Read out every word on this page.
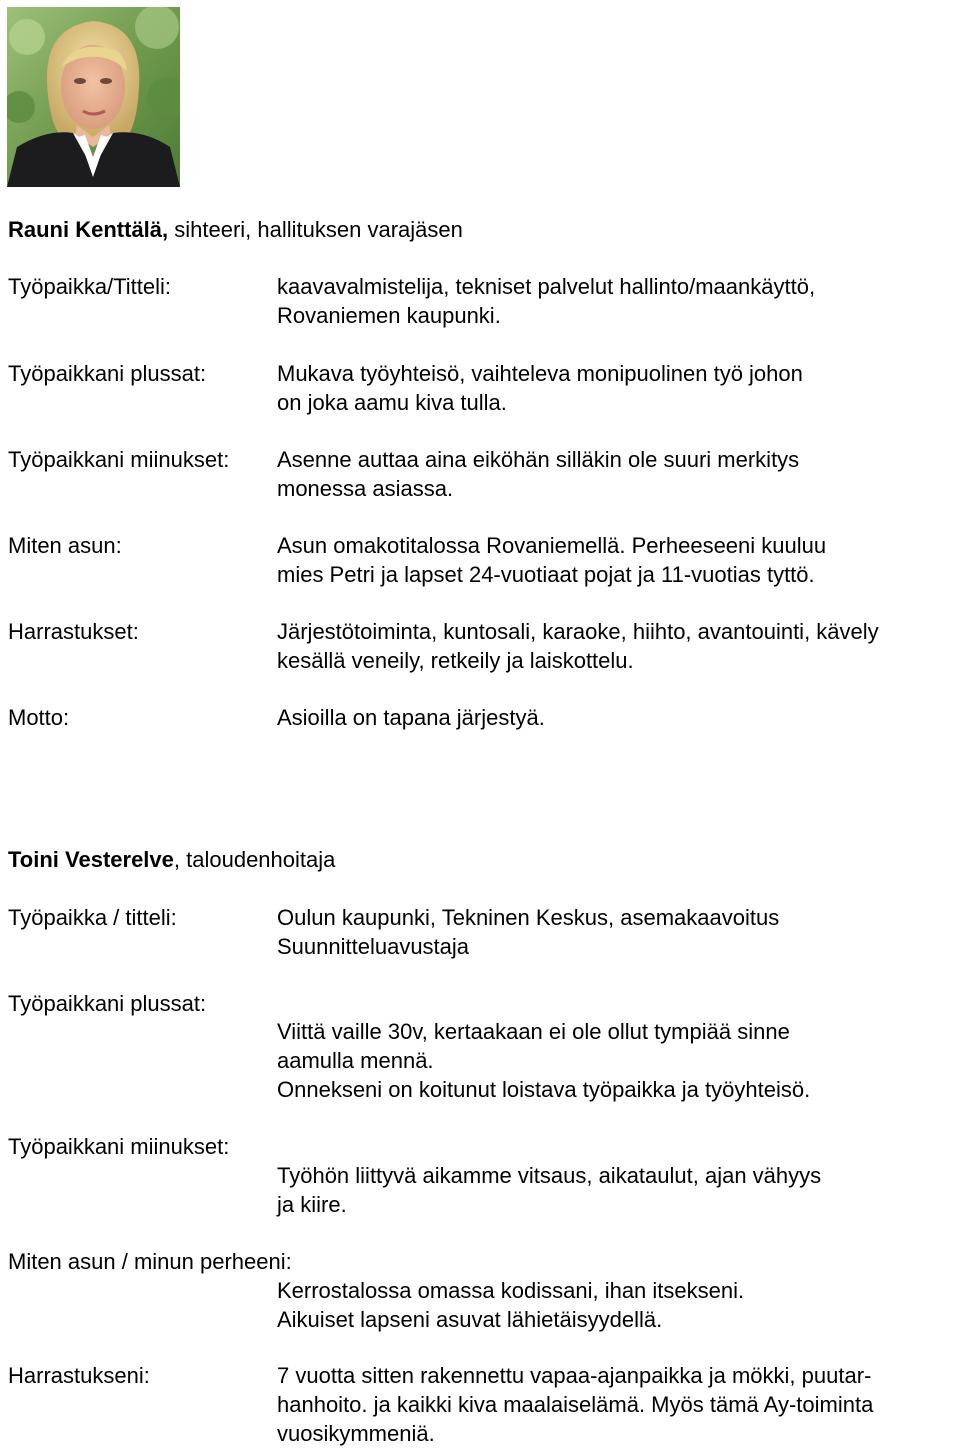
Rauni Kenttälä, sihteeri, hallituksen varajäsen
Työpaikka/Titteli:	kaavavalmistelija, tekniset palvelut hallinto/maankäyttö,
Rovaniemen kaupunki.
Työpaikkani plussat:	Mukava työyhteisö, vaihteleva monipuolinen työ johon
on joka aamu kiva tulla.
Työpaikkani miinukset: Asenne auttaa aina eiköhän silläkin ole suuri merkitys
monessa asiassa.
Miten asun:	Asun omakotitalossa Rovaniemellä. Perheeseeni kuuluu
mies Petri ja lapset 24-vuotiaat pojat ja 11-vuotias tyttö.
Harrastukset:	Järjestötoiminta, kuntosali, karaoke, hiihto, avantouinti, kävely
kesällä veneily, retkeily ja laiskottelu.
Motto:	Asioilla on tapana järjestyä.
Toini Vesterelve, taloudenhoitaja
Työpaikka / titteli:	Oulun kaupunki, Tekninen Keskus, asemakaavoitus
Suunnitteluavustaja
Työpaikkani plussat:
Viittä vaille 30v, kertaakaan ei ole ollut tympiää sinne
aamulla mennä.
Onnekseni on koitunut loistava työpaikka ja työyhteisö.
Työpaikkani miinukset:
Työhön liittyvä aikamme vitsaus, aikataulut, ajan vähyys
ja kiire.
Miten asun / minun perheeni:
Kerrostalossa omassa kodissani, ihan itsekseni.
Aikuiset lapseni asuvat lähietäisyydellä.
Harrastukseni:	7 vuotta sitten rakennettu vapaa-ajanpaikka ja mökki, puutar-
hanhoito. ja kaikki kiva maalaiselämä. Myös tämä Ay-toiminta
vuosikymmeniä.
